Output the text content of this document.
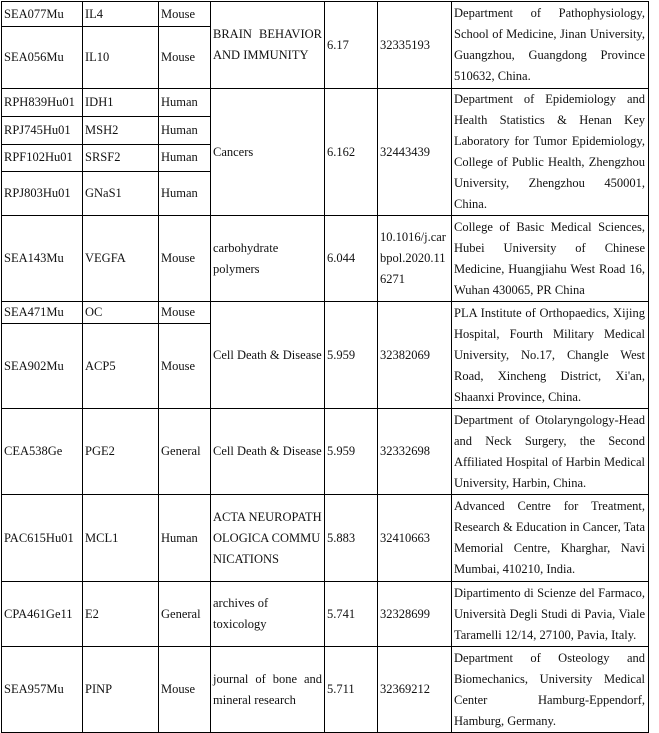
SEA077Mu	IL4	Mouse	BRAIN BEHAVIOR AND IMMUNITY	6.17	32335193	Department of Pathophysiology, School of Medicine, Jinan University, Guangzhou, Guangdong Province 510632, China.
SEA056Mu	IL10	Mouse				
RPH839Hu01	IDH1	Human	Cancers	6.162	32443439	Department of Epidemiology and Health Statistics & Henan Key Laboratory for Tumor Epidemiology, College of Public Health, Zhengzhou University, Zhengzhou 450001, China.
RPJ745Hu01	MSH2	Human				
RPF102Hu01	SRSF2	Human				
RPJ803Hu01	GNaS1	Human				
SEA143Mu	VEGFA	Mouse	carbohydrate polymers	6.044	10.1016/j.carbpol.2020.116271	College of Basic Medical Sciences, Hubei University of Chinese Medicine, Huangjiahu West Road 16, Wuhan 430065, PR China
SEA471Mu	OC	Mouse	Cell Death & Disease	5.959	32382069	PLA Institute of Orthopaedics, Xijing Hospital, Fourth Military Medical University, No.17, Changle West Road, Xincheng District, Xi'an, Shaanxi Province, China.
SEA902Mu	ACP5	Mouse				
CEA538Ge	PGE2	General	Cell Death & Disease	5.959	32332698	Department of Otolaryngology-Head and Neck Surgery, the Second Affiliated Hospital of Harbin Medical University, Harbin, China.
PAC615Hu01	MCL1	Human	ACTA NEUROPATHOLOGICA COMMUNICATIONS	5.883	32410663	Advanced Centre for Treatment, Research & Education in Cancer, Tata Memorial Centre, Kharghar, Navi Mumbai, 410210, India.
CPA461Ge11	E2	General	archives of toxicology	5.741	32328699	Dipartimento di Scienze del Farmaco, Università Degli Studi di Pavia, Viale Taramelli 12/14, 27100, Pavia, Italy.
SEA957Mu	PINP	Mouse	journal of bone and mineral research	5.711	32369212	Department of Osteology and Biomechanics, University Medical Center Hamburg-Eppendorf, Hamburg, Germany.
